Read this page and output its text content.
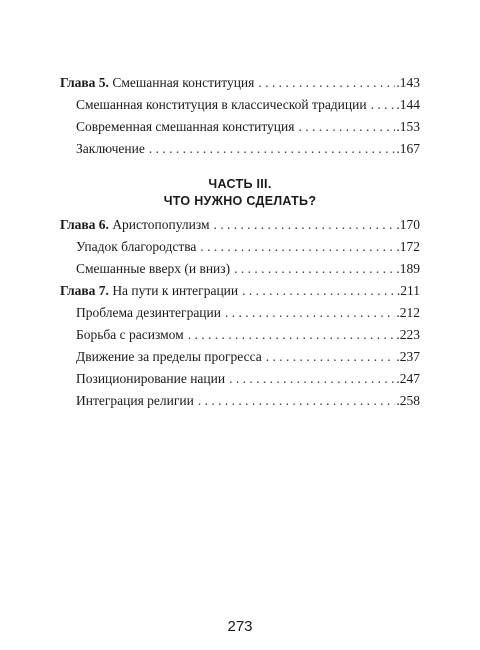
Глава 5. Смешанная конституция . . .	.143
Смешанная конституция в классической традиции . . . .144
Современная смешанная конституция . . .	.153
Заключение . . .	.167
ЧАСТЬ III.
ЧТО НУЖНО СДЕЛАТЬ?
Глава 6. Аристопопулизм . . .	.170
Упадок благородства . . .	.172
Смешанные вверх (и вниз) . . .	.189
Глава 7. На пути к интеграции . . .	.211
Проблема дезинтеграции . . .	.212
Борьба с расизмом . . .	.223
Движение за пределы прогресса . . .	.237
Позиционирование нации . . .	.247
Интеграция религии . . .	.258
273
